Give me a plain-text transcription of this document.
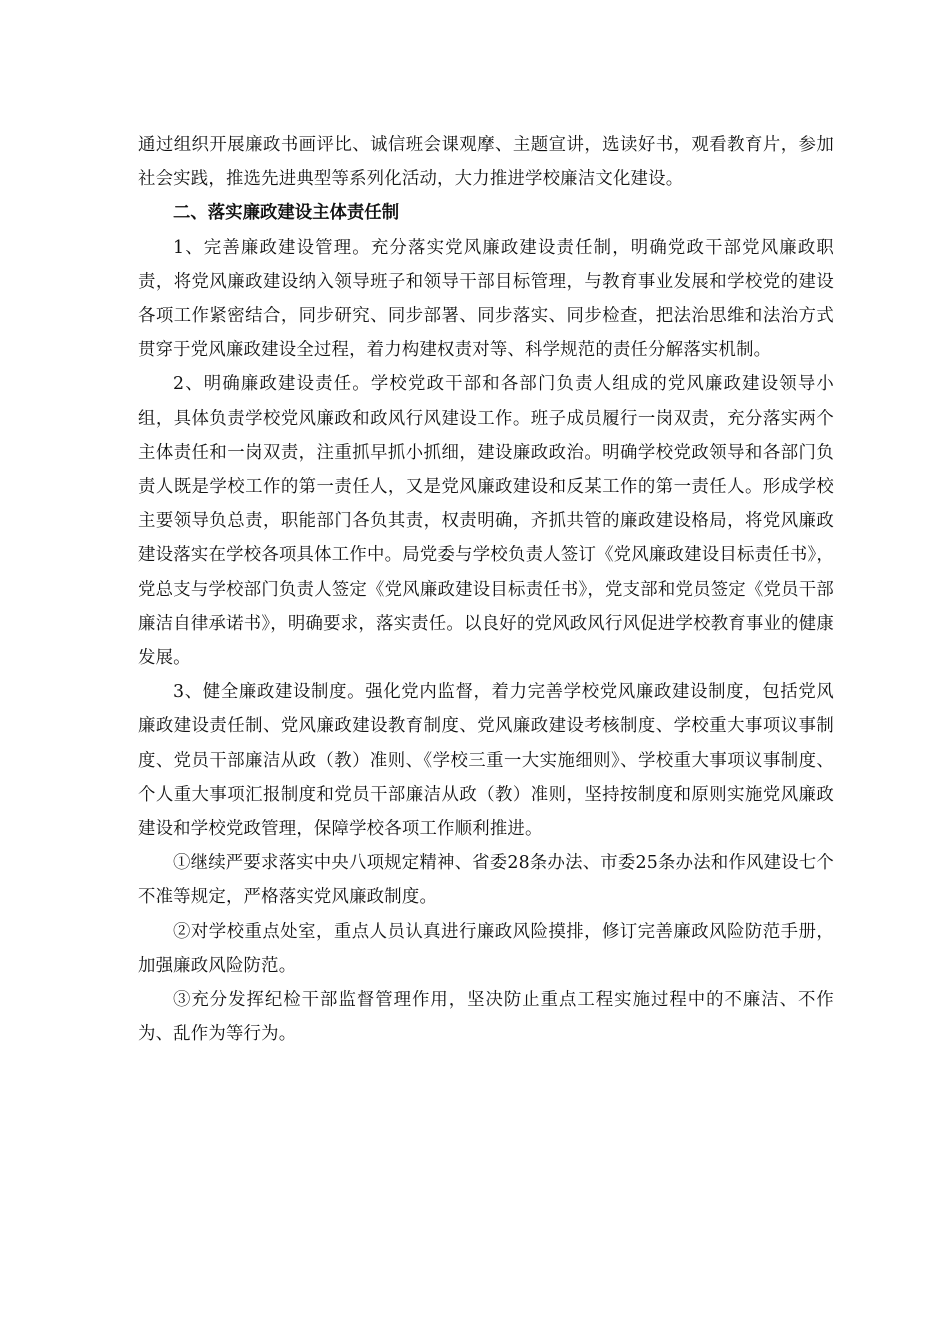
通过组织开展廉政书画评比、诚信班会课观摩、主题宣讲，选读好书，观看教育片，参加社会实践，推选先进典型等系列化活动，大力推进学校廉洁文化建设。

二、落实廉政建设主体责任制

1、完善廉政建设管理。充分落实党风廉政建设责任制，明确党政干部党风廉政职责，将党风廉政建设纳入领导班子和领导干部目标管理，与教育事业发展和学校党的建设各项工作紧密结合，同步研究、同步部署、同步落实、同步检查，把法治思维和法治方式贯穿于党风廉政建设全过程，着力构建权责对等、科学规范的责任分解落实机制。

2、明确廉政建设责任。学校党政干部和各部门负责人组成的党风廉政建设领导小组，具体负责学校党风廉政和政风行风建设工作。班子成员履行一岗双责，充分落实两个主体责任和一岗双责，注重抓早抓小抓细，建设廉政政治。明确学校党政领导和各部门负责人既是学校工作的第一责任人，又是党风廉政建设和反某工作的第一责任人。形成学校主要领导负总责，职能部门各负其责，权责明确，齐抓共管的廉政建设格局，将党风廉政建设落实在学校各项具体工作中。局党委与学校负责人签订《党风廉政建设目标责任书》，党总支与学校部门负责人签定《党风廉政建设目标责任书》，党支部和党员签定《党员干部廉洁自律承诺书》，明确要求，落实责任。以良好的党风政风行风促进学校教育事业的健康发展。

3、健全廉政建设制度。强化党内监督，着力完善学校党风廉政建设制度，包括党风廉政建设责任制、党风廉政建设教育制度、党风廉政建设考核制度、学校重大事项议事制度、党员干部廉洁从政（教）准则、《学校三重一大实施细则》、学校重大事项议事制度、个人重大事项汇报制度和党员干部廉洁从政（教）准则，坚持按制度和原则实施党风廉政建设和学校党政管理，保障学校各项工作顺利推进。

①继续严要求落实中央八项规定精神、省委28条办法、市委25条办法和作风建设七个不准等规定，严格落实党风廉政制度。

②对学校重点处室，重点人员认真进行廉政风险摸排，修订完善廉政风险防范手册，加强廉政风险防范。

③充分发挥纪检干部监督管理作用，坚决防止重点工程实施过程中的不廉洁、不作为、乱作为等行为。
